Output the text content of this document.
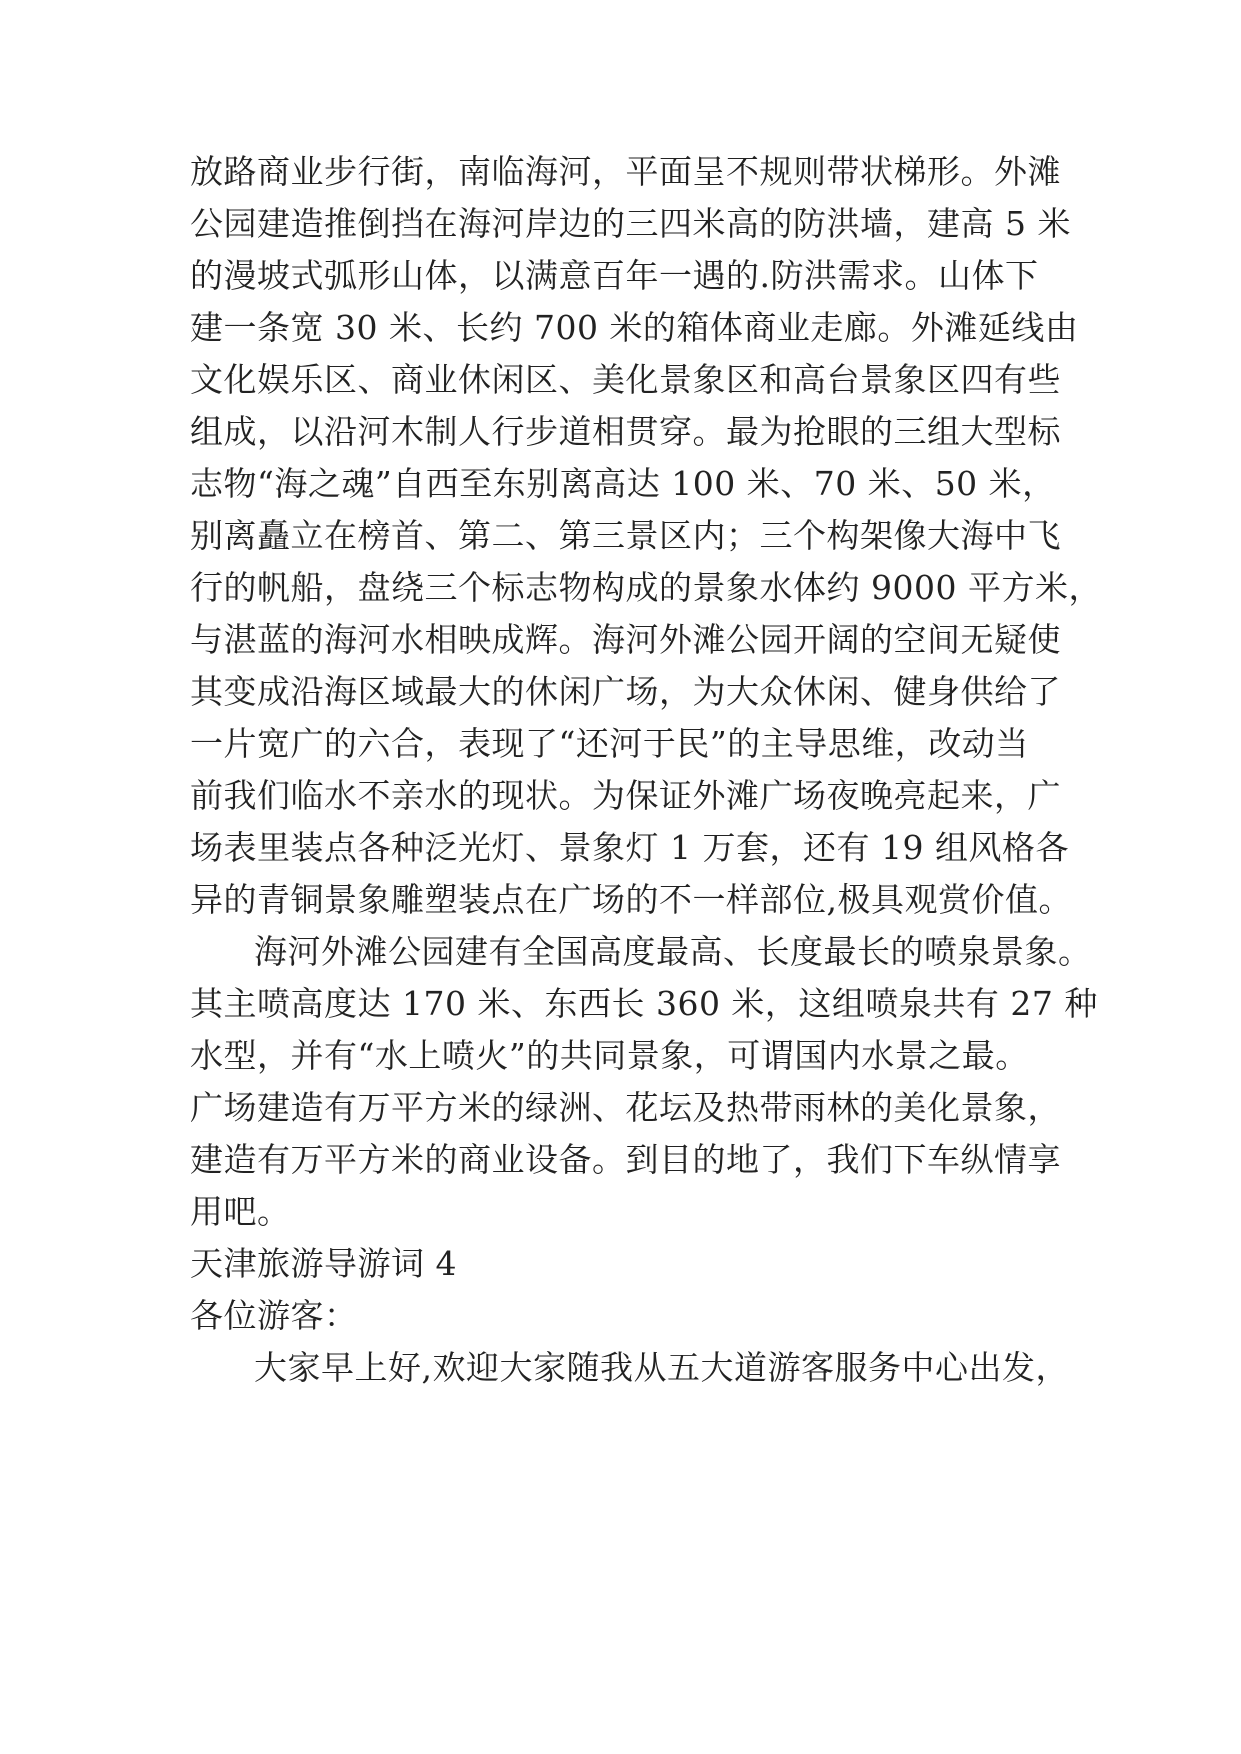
放路商业步行街，南临海河，平面呈不规则带状梯形。外滩
公园建造推倒挡在海河岸边的三四米高的防洪墙，建高 5 米
的漫坡式弧形山体，以满意百年一遇的.防洪需求。山体下
建一条宽 30 米、长约 700 米的箱体商业走廊。外滩延线由
文化娱乐区、商业休闲区、美化景象区和高台景象区四有些
组成，以沿河木制人行步道相贯穿。最为抢眼的三组大型标
志物“海之魂”自西至东别离高达 100 米、70 米、50 米，
别离矗立在榜首、第二、第三景区内；三个构架像大海中飞
行的帆船，盘绕三个标志物构成的景象水体约 9000 平方米，
与湛蓝的海河水相映成辉。海河外滩公园开阔的空间无疑使
其变成沿海区域最大的休闲广场，为大众休闲、健身供给了
一片宽广的六合，表现了“还河于民”的主导思维，改动当
前我们临水不亲水的现状。为保证外滩广场夜晚亮起来，广
场表里装点各种泛光灯、景象灯 1 万套，还有 19 组风格各
异的青铜景象雕塑装点在广场的不一样部位,极具观赏价值。
海河外滩公园建有全国高度最高、长度最长的喷泉景象。
其主喷高度达 170 米、东西长 360 米，这组喷泉共有 27 种
水型，并有“水上喷火”的共同景象，可谓国内水景之最。
广场建造有万平方米的绿洲、花坛及热带雨林的美化景象，
建造有万平方米的商业设备。到目的地了，我们下车纵情享
用吧。
天津旅游导游词 4
各位游客：
大家早上好,欢迎大家随我从五大道游客服务中心出发，
